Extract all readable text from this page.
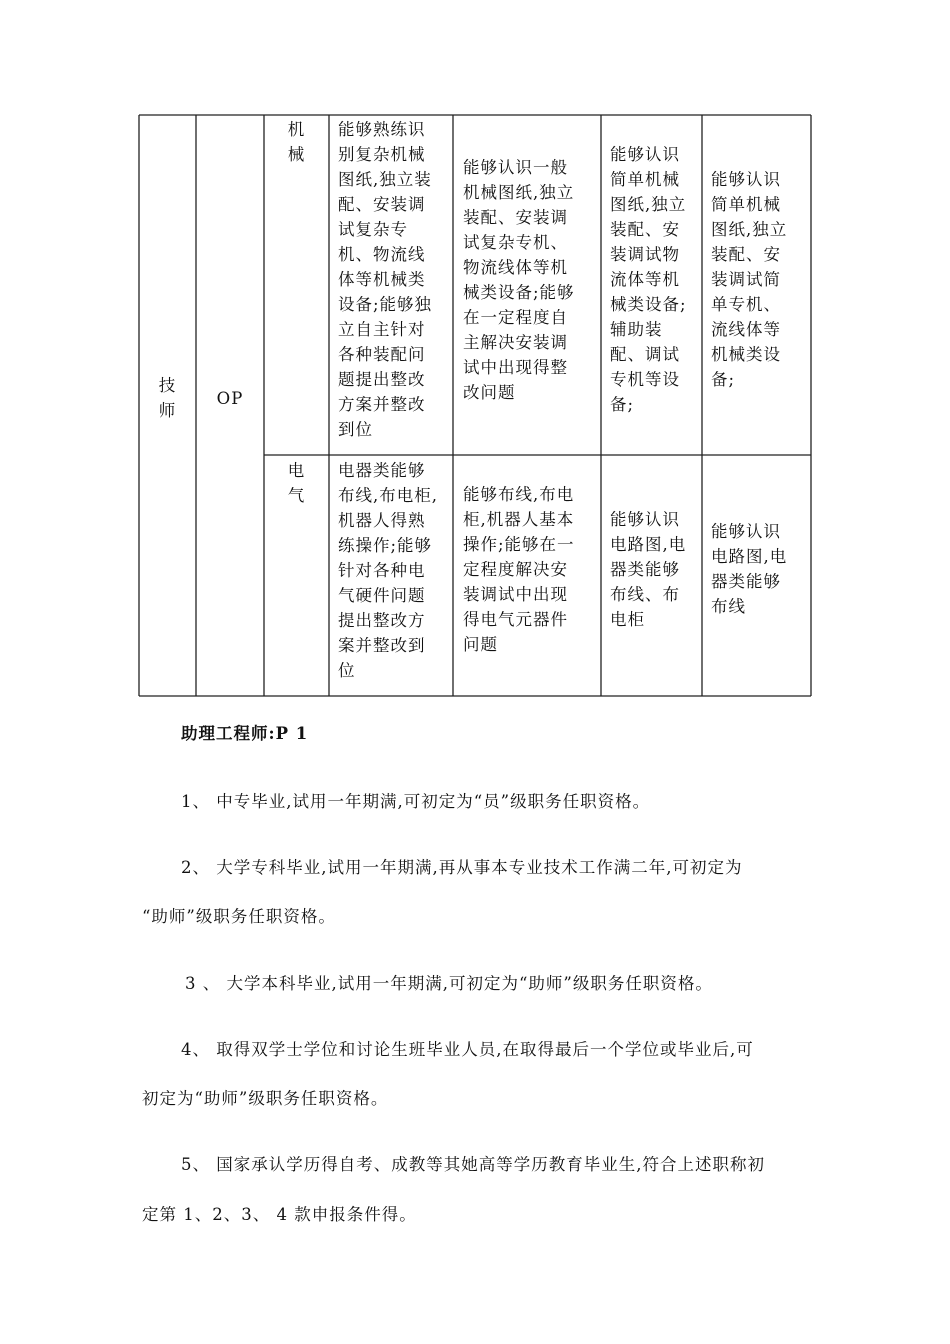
技
师
OP
机
械
能够熟练识
别复杂机械
图纸,独立装
配、安装调
试复杂专
机、物流线
体等机械类
设备;能够独
立自主针对
各种装配问
题提出整改
方案并整改
到位
能够认识一般
机械图纸,独立
装配、安装调
试复杂专机、
物流线体等机
械类设备;能够
在一定程度自
主解决安装调
试中出现得整
改问题
能够认识
简单机械
图纸,独立
装配、安
装调试物
流体等机
械类设备;
辅助装
配、调试
专机等设
备;
能够认识
简单机械
图纸,独立
装配、安
装调试简
单专机、
流线体等
机械类设
备;
电
气
电器类能够
布线,布电柜,
机器人得熟
练操作;能够
针对各种电
气硬件问题
提出整改方
案并整改到
位
能够布线,布电
柜,机器人基本
操作;能够在一
定程度解决安
装调试中出现
得电气元器件
问题
能够认识
电路图,电
器类能够
布线、布
电柜
能够认识
电路图,电
器类能够
布线
助理工程师:P 1
1、 中专毕业,试用一年期满,可初定为“员”级职务任职资格。
2、 大学专科毕业,试用一年期满,再从事本专业技术工作满二年,可初定为
“助师”级职务任职资格。
3 、 大学本科毕业,试用一年期满,可初定为“助师”级职务任职资格。
4、 取得双学士学位和讨论生班毕业人员,在取得最后一个学位或毕业后,可
初定为“助师”级职务任职资格。
5、 国家承认学历得自考、成教等其她高等学历教育毕业生,符合上述职称初
定第 1、2、3、 4 款申报条件得。
